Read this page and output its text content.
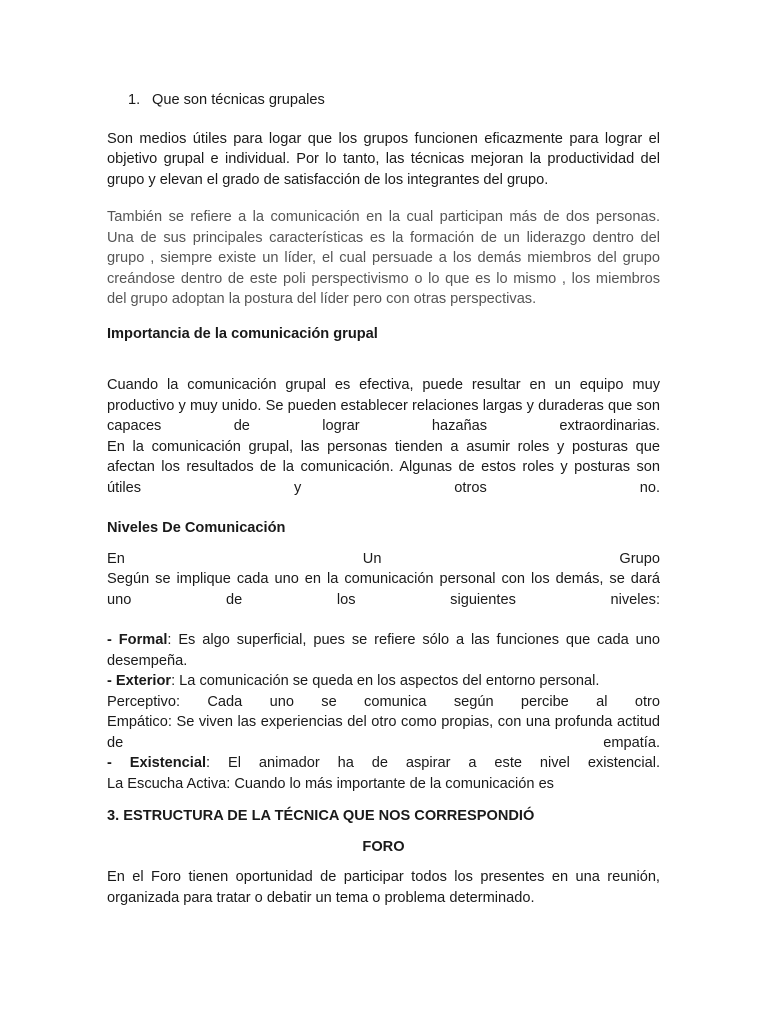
1. Que son técnicas grupales

Son medios útiles para logar que los grupos funcionen eficazmente para lograr el objetivo grupal e individual. Por lo tanto, las técnicas mejoran la productividad del grupo y elevan el grado de satisfacción de los integrantes del grupo.

También se refiere a la comunicación en la cual participan más de dos personas. Una de sus principales características es la formación de un liderazgo dentro del grupo , siempre existe un líder, el cual persuade a los demás miembros del grupo creándose dentro de este poli perspectivismo o lo que es lo mismo , los miembros del grupo adoptan la postura del líder pero con otras perspectivas.

Importancia de la comunicación grupal

Cuando la comunicación grupal es efectiva, puede resultar en un equipo muy productivo y muy unido. Se pueden establecer relaciones largas y duraderas que son capaces de lograr hazañas extraordinarias.

En la comunicación grupal, las personas tienden a asumir roles y posturas que afectan los resultados de la comunicación. Algunas de estos roles y posturas son útiles y otros no.

Niveles De Comunicación

En Un Grupo

Según se implique cada uno en la comunicación personal con los demás, se dará uno de los siguientes niveles:

- Formal: Es algo superficial, pues se refiere sólo a las funciones que cada uno desempeña.

- Exterior: La comunicación se queda en los aspectos del entorno personal.

Perceptivo: Cada uno se comunica según percibe al otro

Empático: Se viven las experiencias del otro como propias, con una profunda actitud de empatía.

- Existencial: El animador ha de aspirar a este nivel existencial.

La Escucha Activa: Cuando lo más importante de la comunicación es

3. ESTRUCTURA DE LA TÉCNICA QUE NOS CORRESPONDIÓ

FORO

En el Foro tienen oportunidad de participar todos los presentes en una reunión, organizada para tratar o debatir un tema o problema determinado.
